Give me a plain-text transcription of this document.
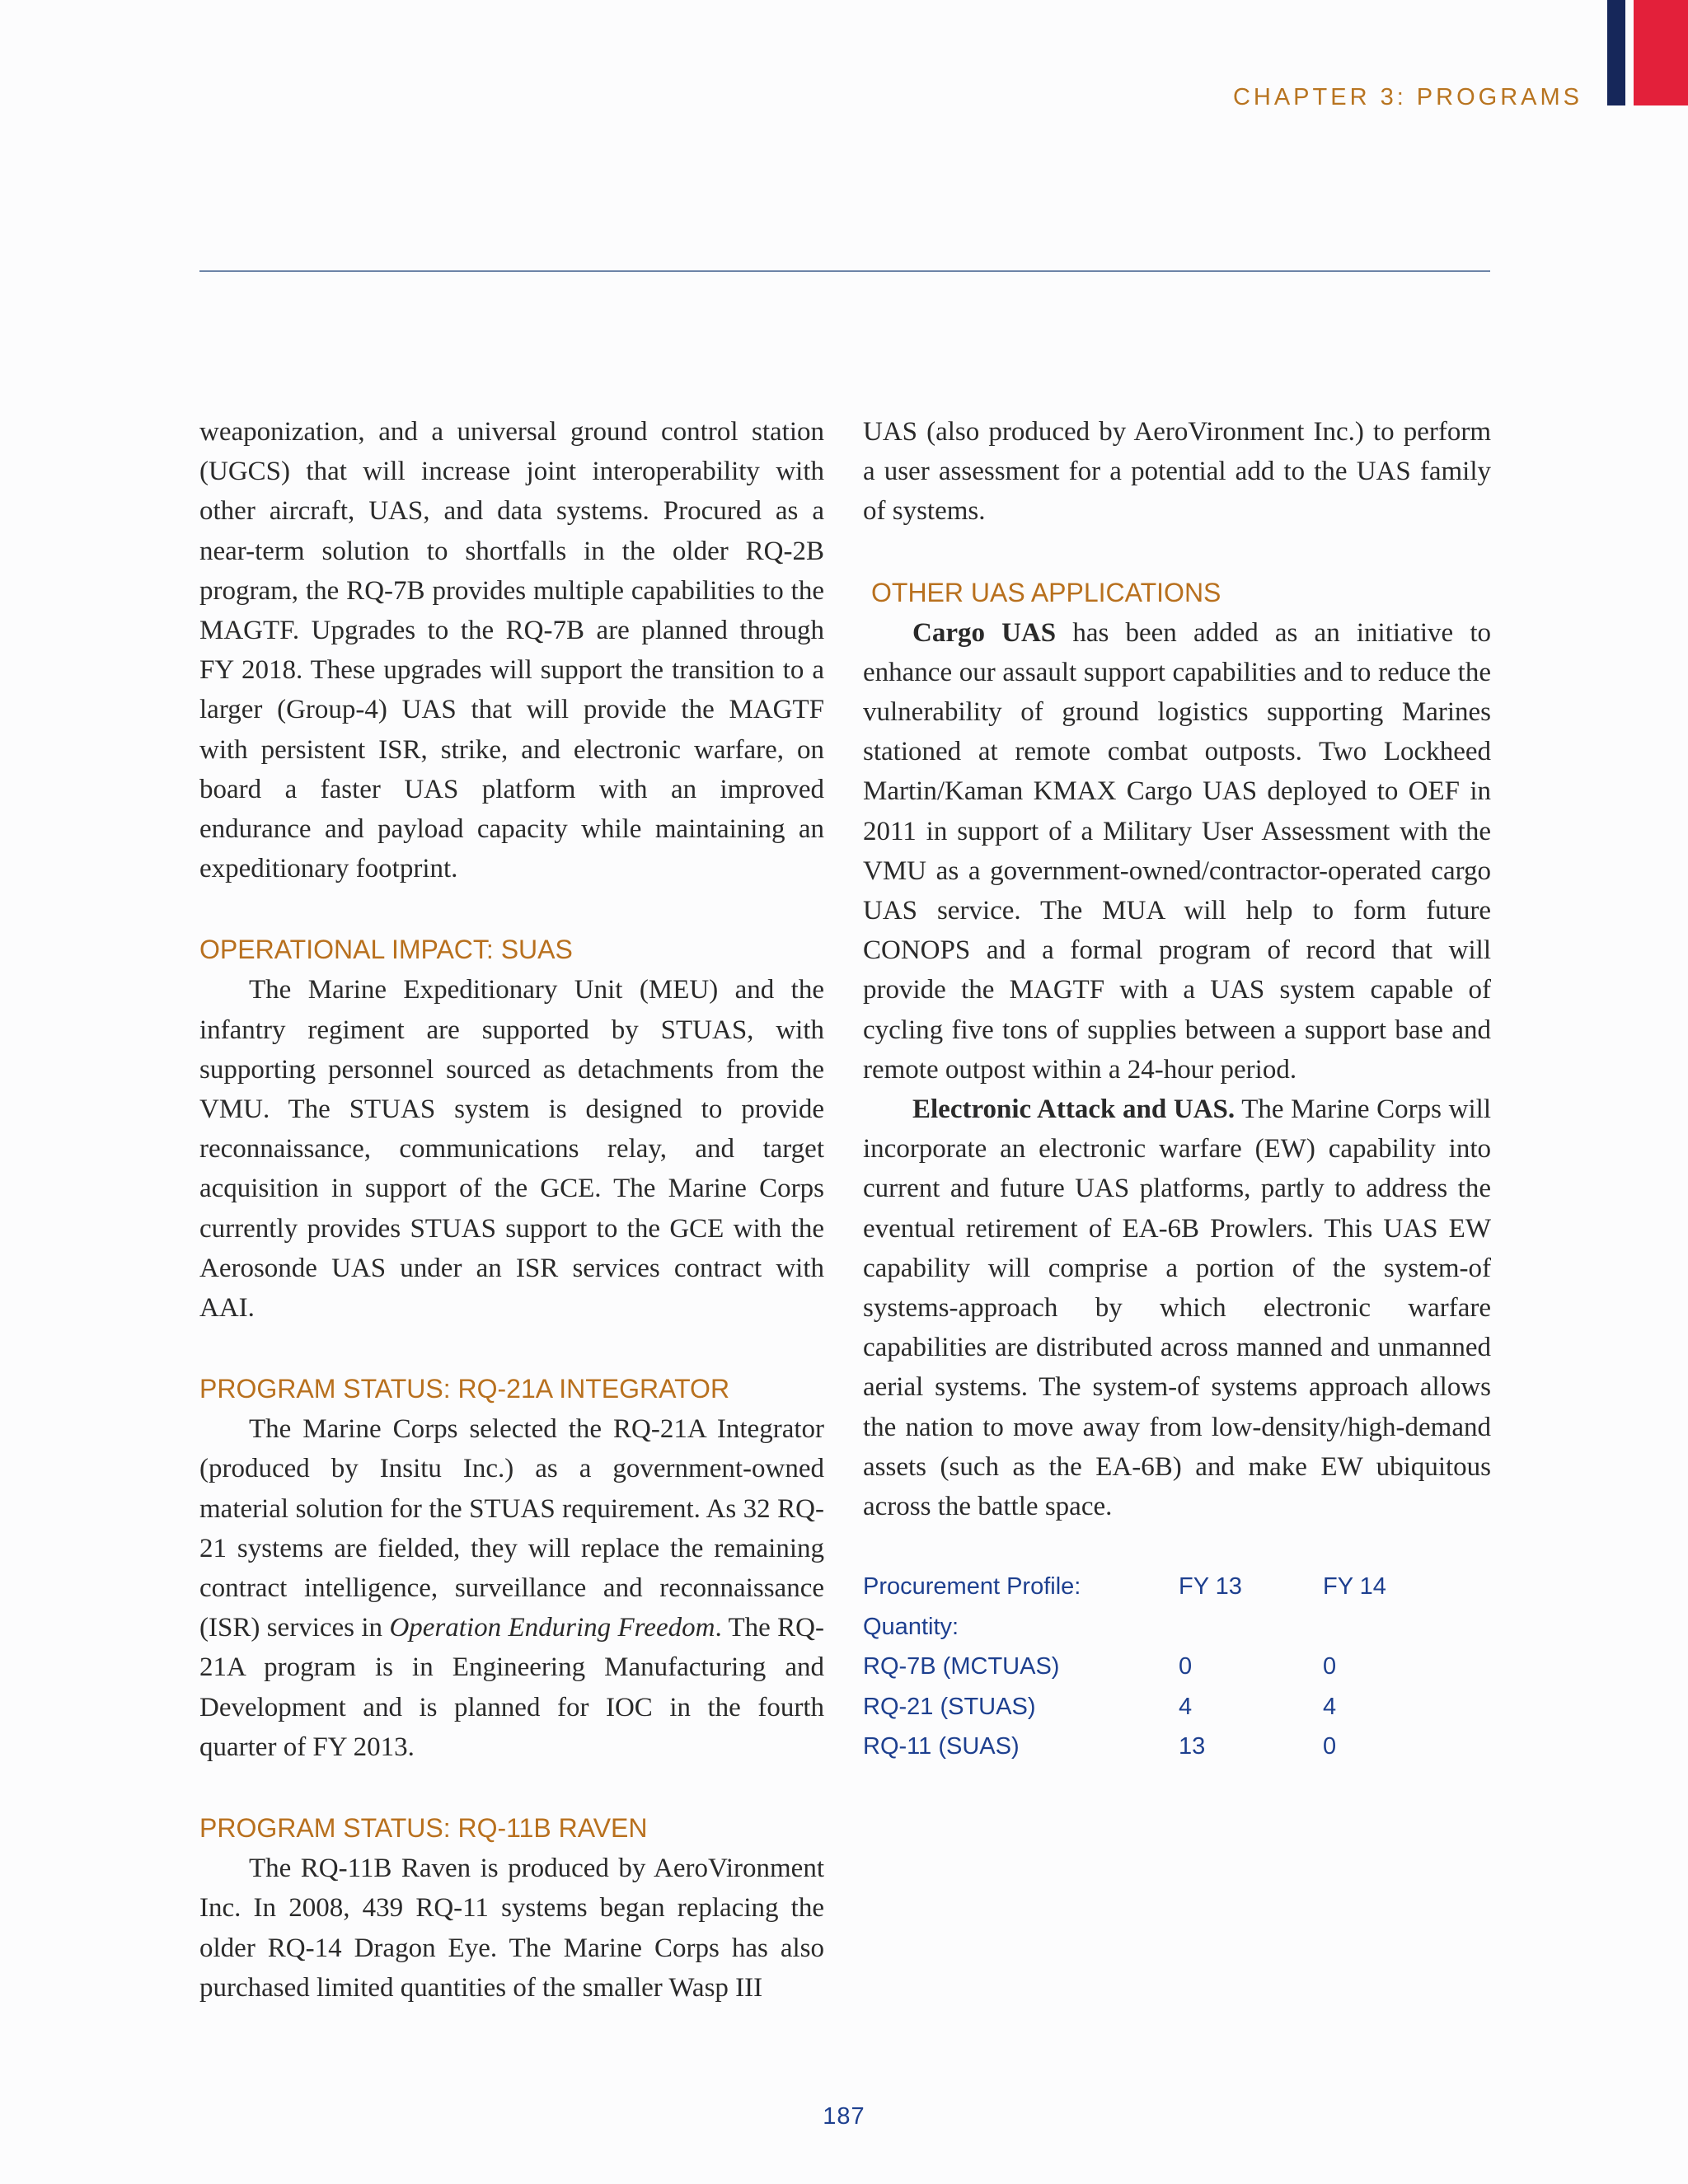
CHAPTER 3: PROGRAMS

weaponization, and a universal ground control station (UGCS) that will increase joint interoperability with other aircraft, UAS, and data systems. Procured as a near-term solution to shortfalls in the older RQ-2B program, the RQ-7B provides multiple capabilities to the MAGTF. Upgrades to the RQ-7B are planned through FY 2018. These upgrades will support the transition to a larger (Group-4) UAS that will provide the MAGTF with persistent ISR, strike, and electronic warfare, on board a faster UAS platform with an improved endurance and payload capacity while maintaining an expeditionary footprint.

OPERATIONAL IMPACT: SUAS

The Marine Expeditionary Unit (MEU) and the infantry regiment are supported by STUAS, with supporting personnel sourced as detachments from the VMU. The STUAS system is designed to provide reconnaissance, communications relay, and target acquisition in support of the GCE. The Marine Corps currently provides STUAS support to the GCE with the Aerosonde UAS under an ISR services contract with AAI.

PROGRAM STATUS: RQ-21A INTEGRATOR

The Marine Corps selected the RQ-21A Integrator (produced by Insitu Inc.) as a government-owned material solution for the STUAS requirement. As 32 RQ-21 systems are fielded, they will replace the remaining contract intelligence, surveillance and reconnaissance (ISR) services in Operation Enduring Freedom. The RQ-21A program is in Engineering Manufacturing and Development and is planned for IOC in the fourth quarter of FY 2013.

PROGRAM STATUS: RQ-11B RAVEN

The RQ-11B Raven is produced by AeroVironment Inc. In 2008, 439 RQ-11 systems began replacing the older RQ-14 Dragon Eye. The Marine Corps has also purchased limited quantities of the smaller Wasp III

UAS (also produced by AeroVironment Inc.) to perform a user assessment for a potential add to the UAS family of systems.

OTHER UAS APPLICATIONS

Cargo UAS has been added as an initiative to enhance our assault support capabilities and to reduce the vulnerability of ground logistics supporting Marines stationed at remote combat outposts. Two Lockheed Martin/Kaman KMAX Cargo UAS deployed to OEF in 2011 in support of a Military User Assessment with the VMU as a government-owned/contractor-operated cargo UAS service. The MUA will help to form future CONOPS and a formal program of record that will provide the MAGTF with a UAS system capable of cycling five tons of supplies between a support base and remote outpost within a 24-hour period.

Electronic Attack and UAS. The Marine Corps will incorporate an electronic warfare (EW) capability into current and future UAS platforms, partly to address the eventual retirement of EA-6B Prowlers. This UAS EW capability will comprise a portion of the system-of systems-approach by which electronic warfare capabilities are distributed across manned and unmanned aerial systems. The system-of systems approach allows the nation to move away from low-density/high-demand assets (such as the EA-6B) and make EW ubiquitous across the battle space.

Procurement Profile:	FY 13	FY 14
Quantity:
RQ-7B (MCTUAS)	0	0
RQ-21 (STUAS)	4	4
RQ-11 (SUAS)	13	0
187
